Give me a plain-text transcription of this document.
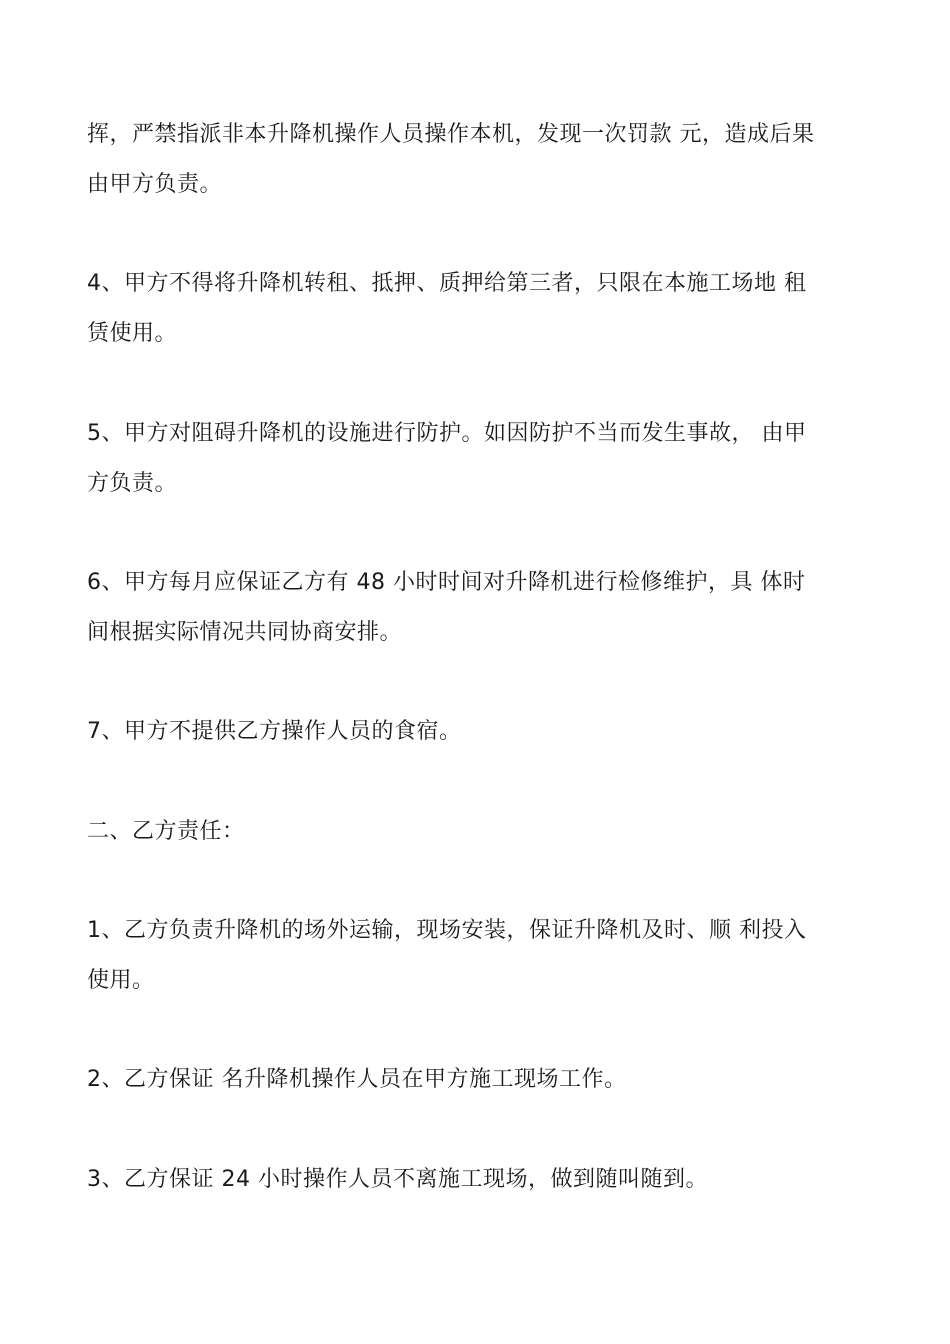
挥，严禁指派非本升降机操作人员操作本机，发现一次罚款 元，造成后果
由甲方负责。

4、甲方不得将升降机转租、抵押、质押给第三者，只限在本施工场地 租
赁使用。

5、甲方对阻碍升降机的设施进行防护。如因防护不当而发生事故， 由甲
方负责。

6、甲方每月应保证乙方有 48 小时时间对升降机进行检修维护，具 体时
间根据实际情况共同协商安排。

7、甲方不提供乙方操作人员的食宿。

二、乙方责任：

1、乙方负责升降机的场外运输，现场安装，保证升降机及时、顺 利投入
使用。

2、乙方保证 名升降机操作人员在甲方施工现场工作。

3、乙方保证 24 小时操作人员不离施工现场，做到随叫随到。
